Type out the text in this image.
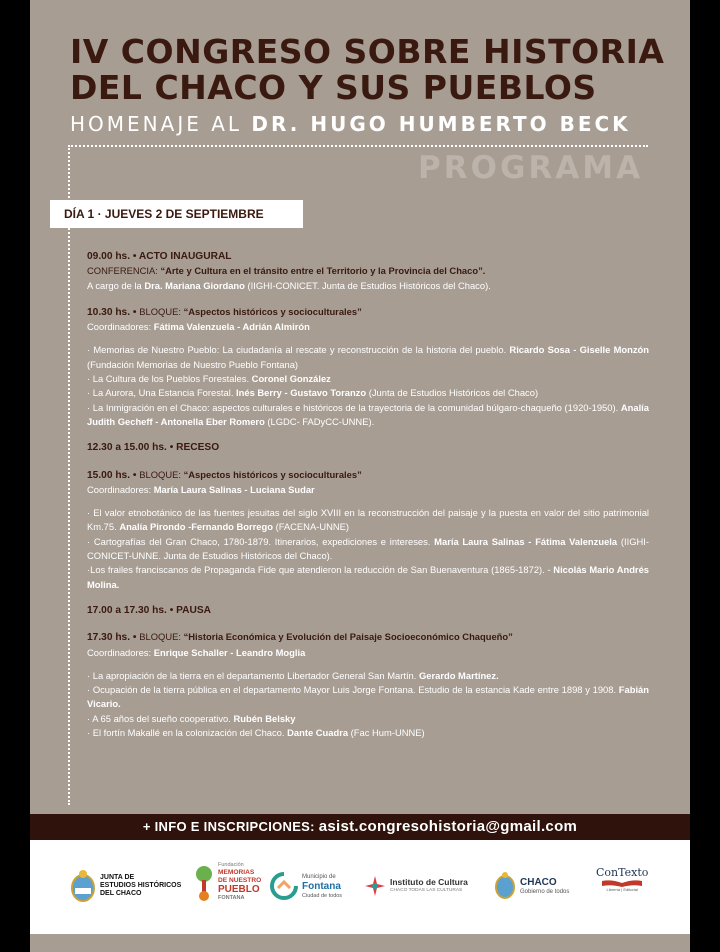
IV CONGRESO SOBRE HISTORIA
DEL CHACO Y SUS PUEBLOS
HOMENAJE AL DR. HUGO HUMBERTO BECK
PROGRAMA
DÍA 1 · JUEVES 2 DE SEPTIEMBRE

09.00 hs. • ACTO INAUGURAL

CONFERENCIA: “Arte y Cultura en el tránsito entre el Territorio y la Provincia del Chaco”.

A cargo de la Dra. Mariana Giordano (IIGHI-CONICET. Junta de Estudios Históricos del Chaco).

10.30 hs. • BLOQUE: “Aspectos históricos y socioculturales”

Coordinadores: Fátima Valenzuela - Adrián Almirón

· Memorias de Nuestro Pueblo: La ciudadanía al rescate y reconstrucción de la historia del pueblo. Ricardo Sosa - Giselle Monzón (Fundación Memorias de Nuestro Pueblo Fontana)

· La Cultura de los Pueblos Forestales. Coronel González

· La Aurora, Una Estancia Forestal. Inés Berry - Gustavo Toranzo (Junta de Estudios Históricos del Chaco)

· La Inmigración en el Chaco: aspectos culturales e históricos de la trayectoria de la comunidad búlgaro-chaqueño (1920-1950). Analía Judith Gecheff - Antonella Eber Romero (LGDC- FADyCC-UNNE).

12.30 a 15.00 hs. • RECESO

15.00 hs. • BLOQUE: “Aspectos históricos y socioculturales”

Coordinadores: María Laura Salinas - Luciana Sudar

· El valor etnobotánico de las fuentes jesuitas del siglo XVIII en la reconstrucción del paisaje y la puesta en valor del sitio patrimonial Km.75. Analía Pirondo -Fernando Borrego (FACENA-UNNE)

· Cartografías del Gran Chaco, 1780-1879. Itinerarios, expediciones e intereses. María Laura Salinas - Fátima Valenzuela (IIGHI-CONICET-UNNE. Junta de Estudios Históricos del Chaco).

·Los frailes franciscanos de Propaganda Fide que atendieron la reducción de San Buenaventura (1865-1872). - Nicolás Mario Andrés Molina.

17.00 a 17.30 hs. • PAUSA

17.30 hs. • BLOQUE: “Historia Económica y Evolución del Paisaje Socioeconómico Chaqueño”

Coordinadores: Enrique Schaller - Leandro Moglia

· La apropiación de la tierra en el departamento Libertador General San Martín. Gerardo Martínez.

· Ocupación de la tierra pública en el departamento Mayor Luis Jorge Fontana. Estudio de la estancia Kade entre 1898 y 1908. Fabián Vicario.

· A 65 años del sueño cooperativo. Rubén Belsky

· El fortín Makallé en la colonización del Chaco. Dante Cuadra (Fac Hum-UNNE)

+ INFO E INSCRIPCIONES: asist.congresohistoria@gmail.com
JUNTA DE
ESTUDIOS HISTÓRICOS
DEL CHACO
Fundación
MEMORIAS
DE NUESTRO
PUEBLO
FONTANA
Municipio de
Fontana
Ciudad de todos
Instituto de Cultura
CHACO TODAS LAS CULTURAS
CHACO
Gobierno de todos
ConTexto
Librería | Editorial
